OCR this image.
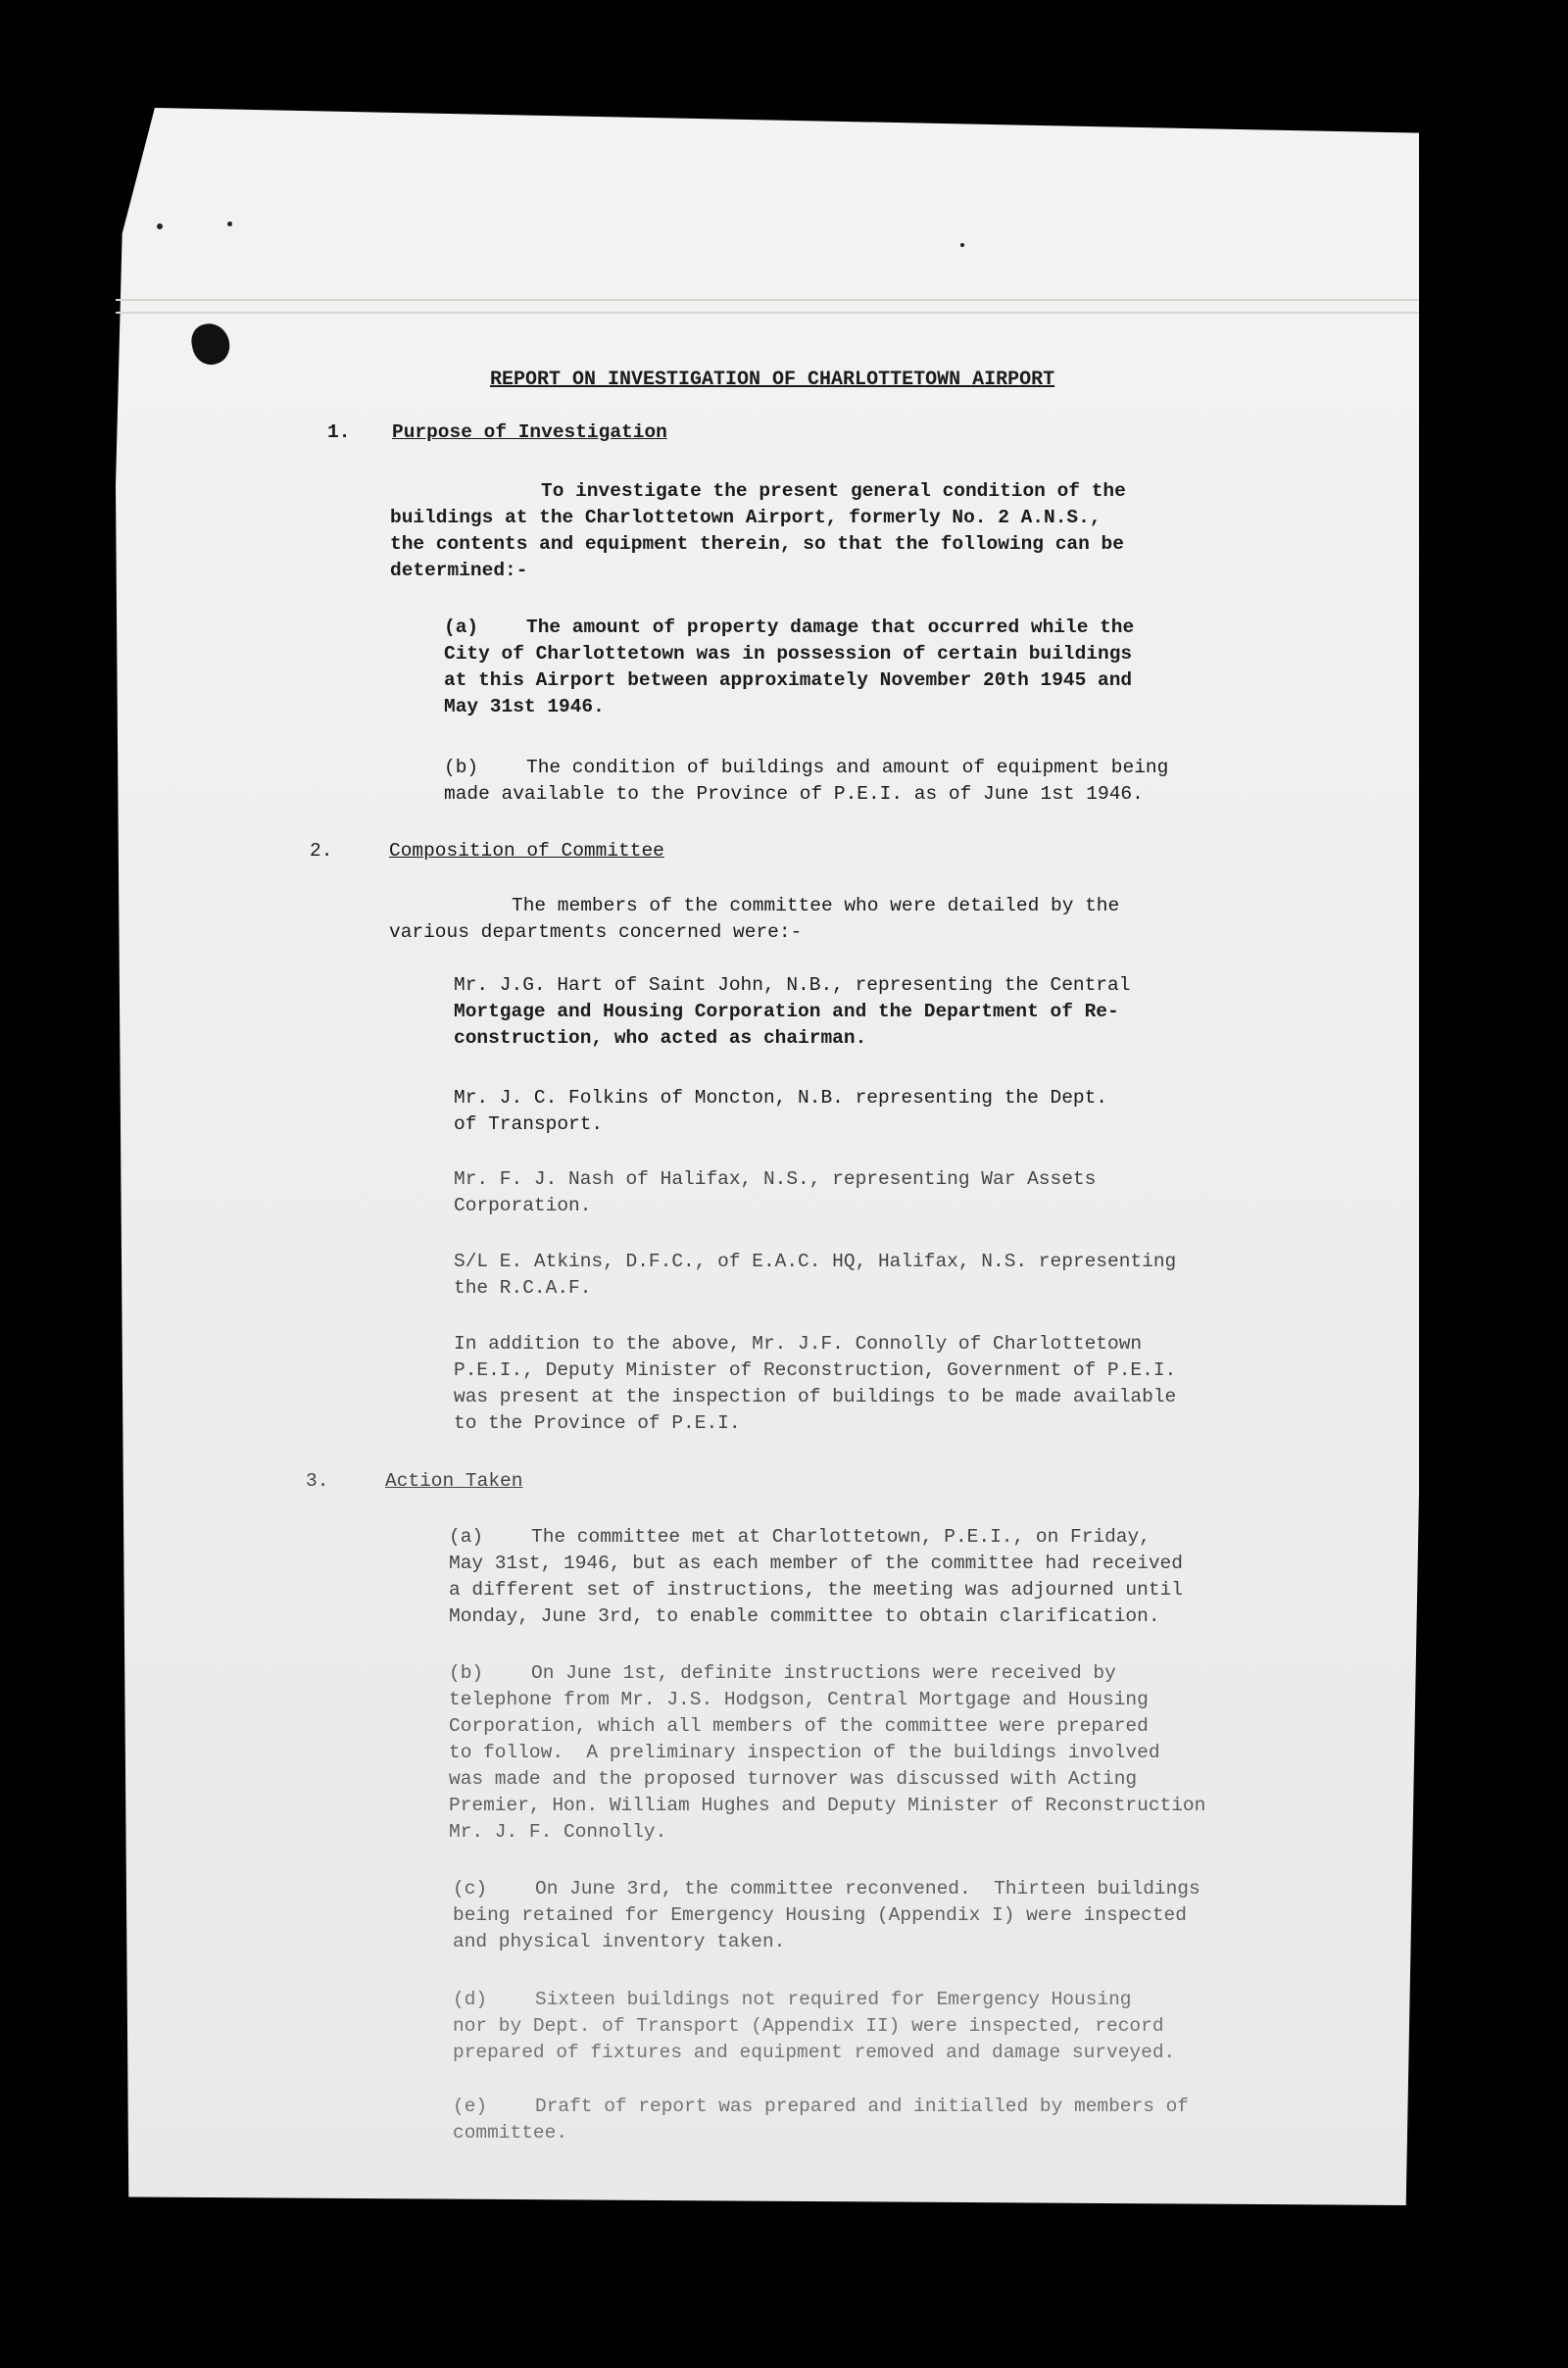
REPORT ON INVESTIGATION OF CHARLOTTETOWN AIRPORT
1. Purpose of Investigation
To investigate the present general condition of the
buildings at the Charlottetown Airport, formerly No. 2 A.N.S.,
the contents and equipment therein, so that the following can be
determined:-
(a)	The amount of property damage that occurred while the
City of Charlottetown was in possession of certain buildings
at this Airport between approximately November 20th 1945 and
May 31st 1946.
(b)	The condition of buildings and amount of equipment being
made available to the Province of P.E.I. as of June 1st 1946.
2.	Composition of Committee
The members of the committee who were detailed by the
various departments concerned were:-
Mr. J.G. Hart of Saint John, N.B., representing the Central
Mortgage and Housing Corporation and the Department of Re-
construction, who acted as chairman.
Mr. J. C. Folkins of Moncton, N.B. representing the Dept.
of Transport.
Mr. F. J. Nash of Halifax, N.S., representing War Assets
Corporation.
S/L E. Atkins, D.F.C., of E.A.C. HQ, Halifax, N.S. representing
the R.C.A.F.
In addition to the above, Mr. J.F. Connolly of Charlottetown
P.E.I., Deputy Minister of Reconstruction, Government of P.E.I.
was present at the inspection of buildings to be made available
to the Province of P.E.I.
3.	Action Taken
(a)	The committee met at Charlottetown, P.E.I., on Friday,
May 31st, 1946, but as each member of the committee had received
a different set of instructions, the meeting was adjourned until
Monday, June 3rd, to enable committee to obtain clarification.
(b)	On June 1st, definite instructions were received by
telephone from Mr. J.S. Hodgson, Central Mortgage and Housing
Corporation, which all members of the committee were prepared
to follow.  A preliminary inspection of the buildings involved
was made and the proposed turnover was discussed with Acting
Premier, Hon. William Hughes and Deputy Minister of Reconstruction
Mr. J. F. Connolly.
(c)	On June 3rd, the committee reconvened.  Thirteen buildings
being retained for Emergency Housing (Appendix I) were inspected
and physical inventory taken.
(d)	Sixteen buildings not required for Emergency Housing
nor by Dept. of Transport (Appendix II) were inspected, record
prepared of fixtures and equipment removed and damage surveyed.
(e)	Draft of report was prepared and initialled by members of
committee.
